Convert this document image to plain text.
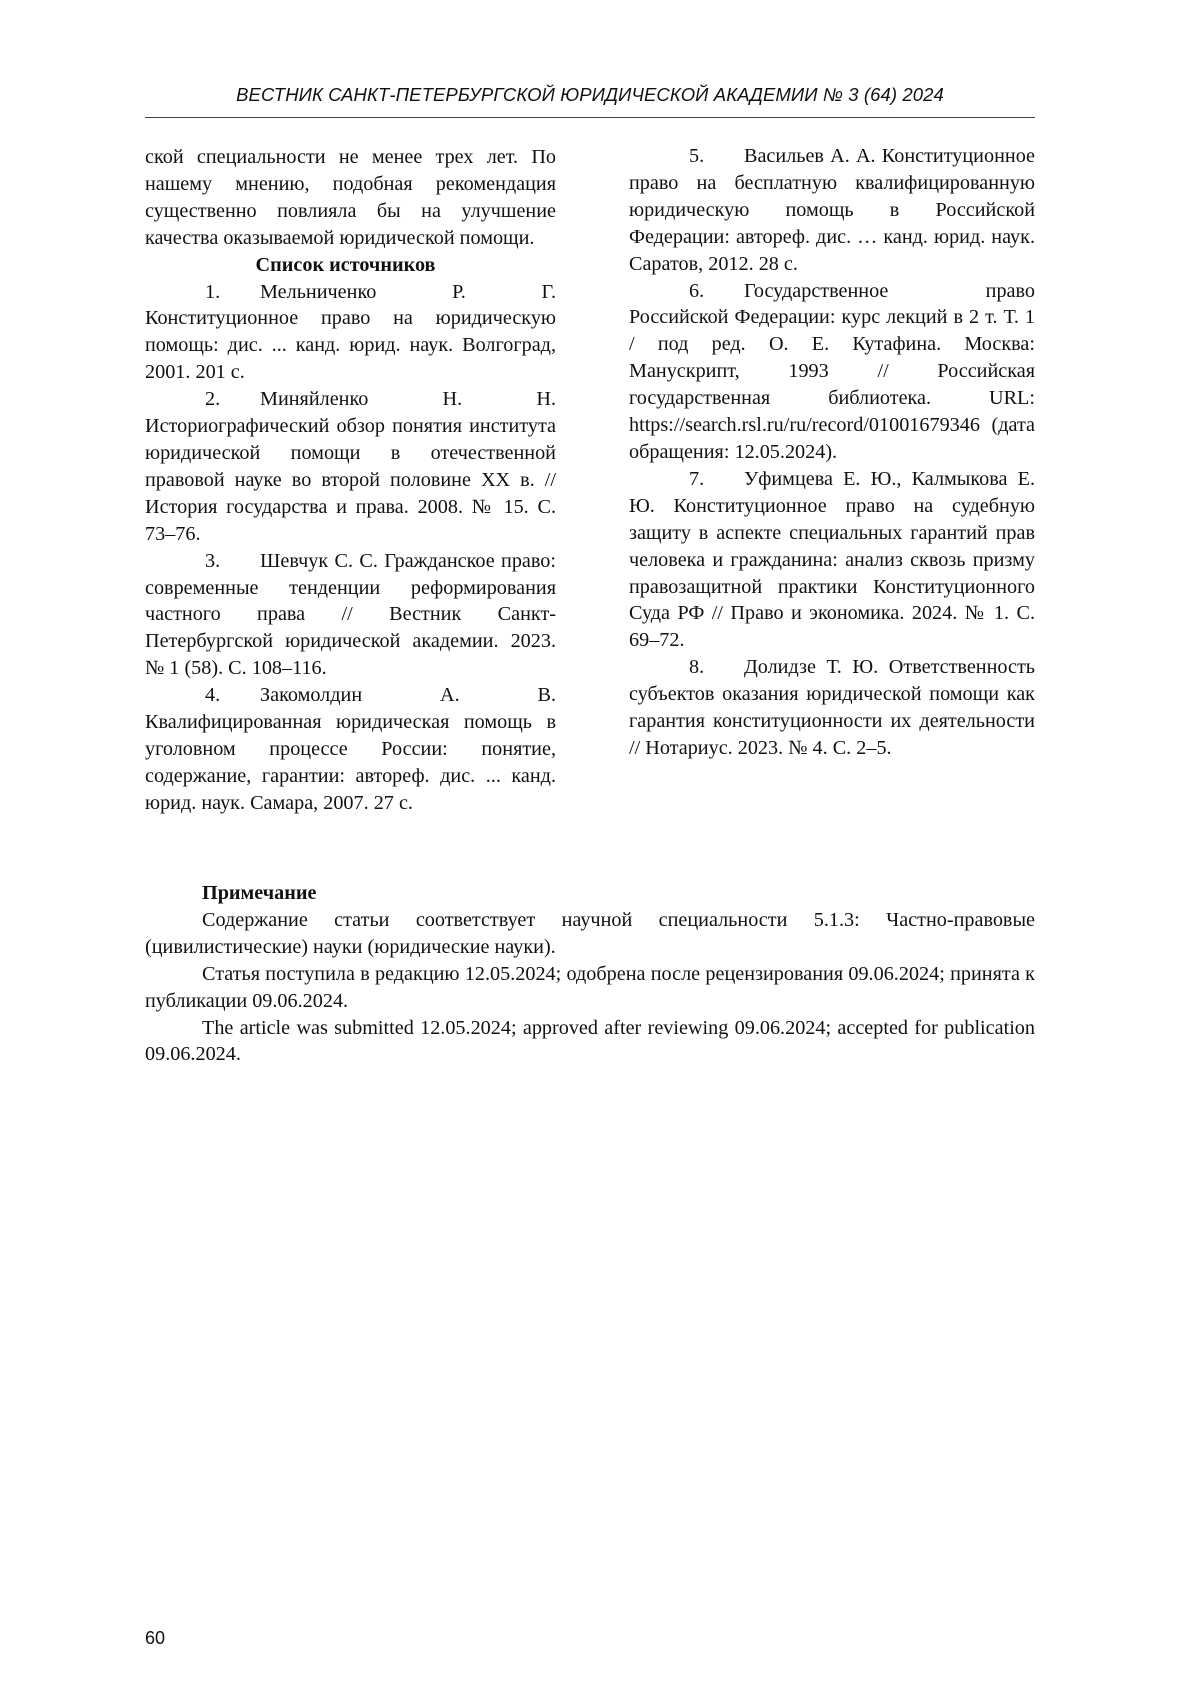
ВЕСТНИК САНКТ-ПЕТЕРБУРГСКОЙ ЮРИДИЧЕСКОЙ АКАДЕМИИ № 3 (64) 2024

ской специальности не менее трех лет. По нашему мнению, подобная рекомендация существенно повлияла бы на улучшение качества оказываемой юридической помощи.

Список источников

1. Мельниченко Р. Г. Конституционное право на юридическую помощь: дис. ... канд. юрид. наук. Волгоград, 2001. 201 с.

2. Миняйленко Н. Н. Историографический обзор понятия института юридической помощи в отечественной правовой науке во второй половине XX в. // История государства и права. 2008. № 15. С. 73–76.

3. Шевчук С. С. Гражданское право: современные тенденции реформирования частного права // Вестник Санкт-Петербургской юридической академии. 2023. № 1 (58). С. 108–116.

4. Закомолдин А. В. Квалифицированная юридическая помощь в уголовном процессе России: понятие, содержание, гарантии: автореф. дис. ... канд. юрид. наук. Самара, 2007. 27 с.

5. Васильев А. А. Конституционное право на бесплатную квалифицированную юридическую помощь в Российской Федерации: автореф. дис. … канд. юрид. наук. Саратов, 2012. 28 с.

6. Государственное право Российской Федерации: курс лекций в 2 т. Т. 1 / под ред. О. Е. Кутафина. Москва: Манускрипт, 1993 // Российская государственная библиотека. URL: https://search.rsl.ru/ru/record/01001679346 (дата обращения: 12.05.2024).

7. Уфимцева Е. Ю., Калмыкова Е. Ю. Конституционное право на судебную защиту в аспекте специальных гарантий прав человека и гражданина: анализ сквозь призму правозащитной практики Конституционного Суда РФ // Право и экономика. 2024. № 1. С. 69–72.

8. Долидзе Т. Ю. Ответственность субъектов оказания юридической помощи как гарантия конституционности их деятельности // Нотариус. 2023. № 4. С. 2–5.

Примечание

Содержание статьи соответствует научной специальности 5.1.3: Частно-правовые (цивилистические) науки (юридические науки).

Статья поступила в редакцию 12.05.2024; одобрена после рецензирования 09.06.2024; принята к публикации 09.06.2024.

The article was submitted 12.05.2024; approved after reviewing 09.06.2024; accepted for publication 09.06.2024.

60
